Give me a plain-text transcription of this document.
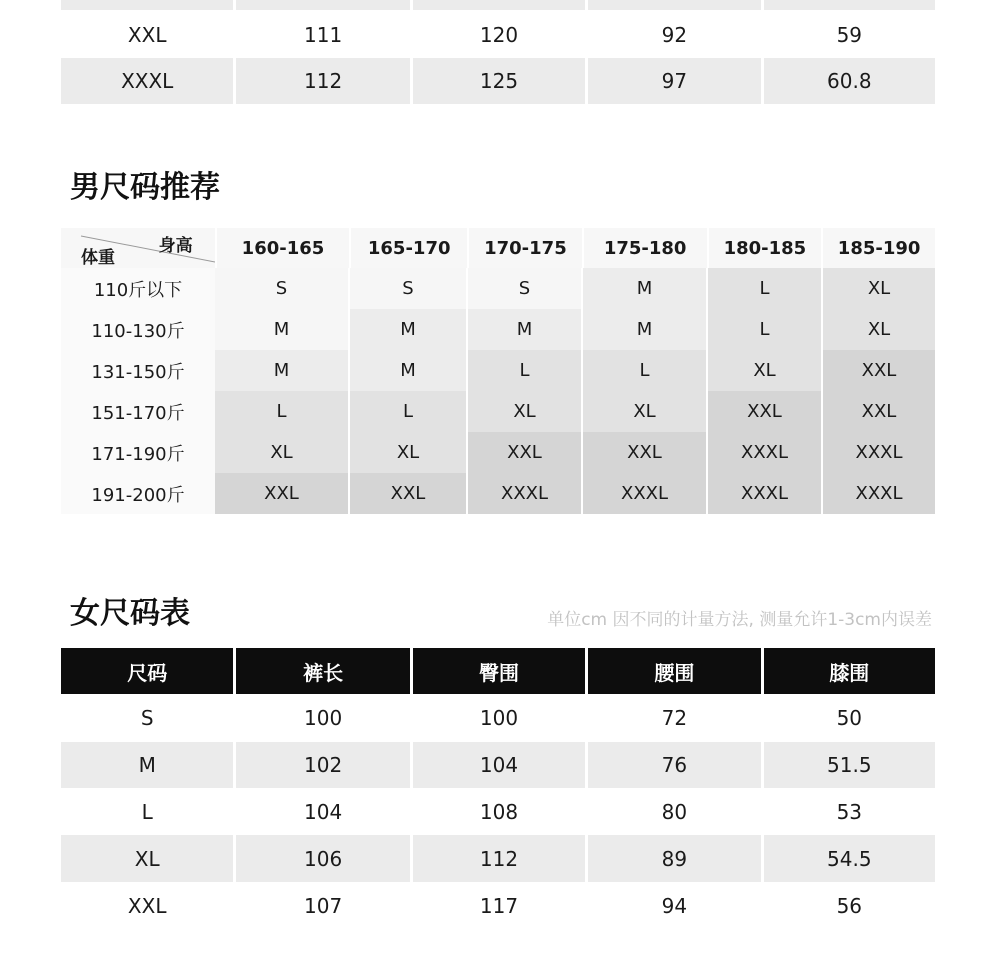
XXL	111	120	92	59
XXXL	112	125	97	60.8
男尺码推荐
身高
体重	160-165	165-170	170-175	175-180	180-185	185-190
110斤以下	S	S	S	M	L	XL
110-130斤	M	M	M	M	L	XL
131-150斤	M	M	L	L	XL	XXL
151-170斤	L	L	XL	XL	XXL	XXL
171-190斤	XL	XL	XXL	XXL	XXXL	XXXL
191-200斤	XXL	XXL	XXXL	XXXL	XXXL	XXXL
女尺码表	单位cm 因不同的计量方法, 测量允许1-3cm内误差
尺码	裤长	臀围	腰围	膝围
S	100	100	72	50
M	102	104	76	51.5
L	104	108	80	53
XL	106	112	89	54.5
XXL	107	117	94	56
